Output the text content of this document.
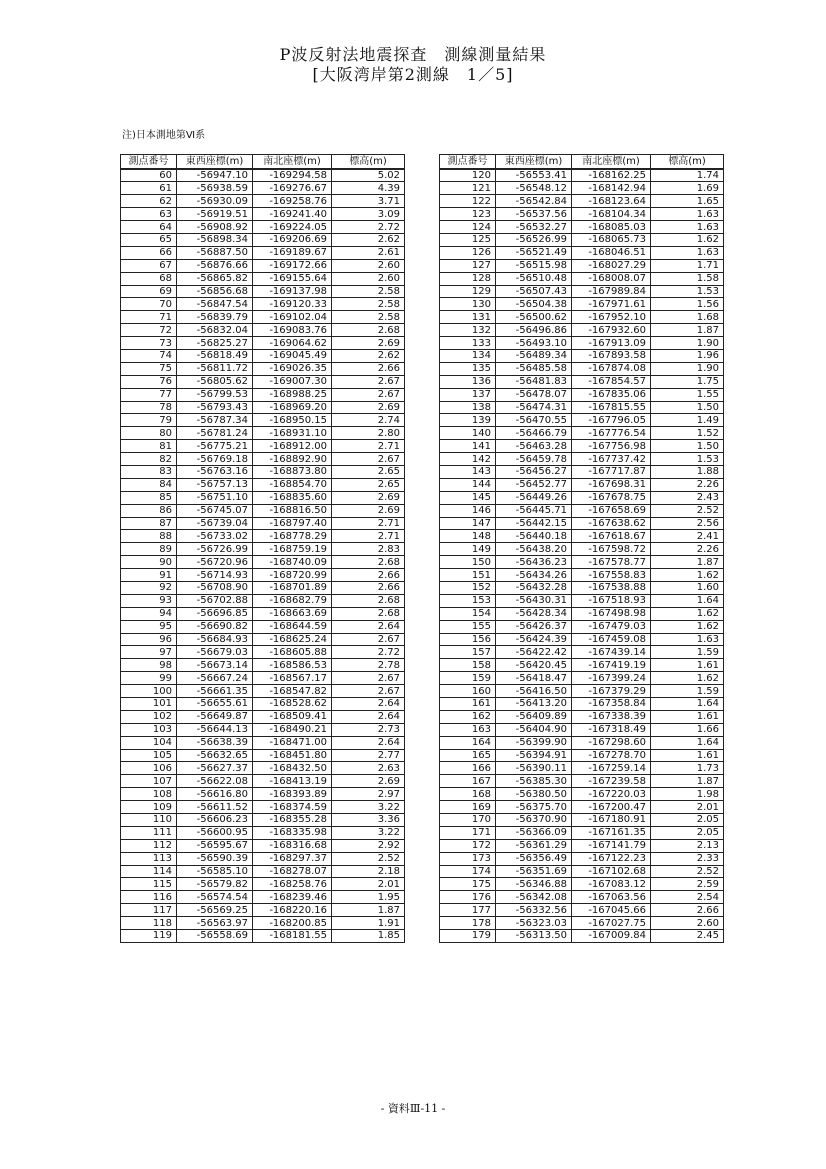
P波反射法地震探査　測線測量結果
[大阪湾岸第2測線　1／5]
注)日本測地第Ⅵ系
測点番号	東西座標(m)	南北座標(m)	標高(m)
60	-56947.10	-169294.58	5.02
61	-56938.59	-169276.67	4.39
62	-56930.09	-169258.76	3.71
63	-56919.51	-169241.40	3.09
64	-56908.92	-169224.05	2.72
65	-56898.34	-169206.69	2.62
66	-56887.50	-169189.67	2.61
67	-56876.66	-169172.66	2.60
68	-56865.82	-169155.64	2.60
69	-56856.68	-169137.98	2.58
70	-56847.54	-169120.33	2.58
71	-56839.79	-169102.04	2.58
72	-56832.04	-169083.76	2.68
73	-56825.27	-169064.62	2.69
74	-56818.49	-169045.49	2.62
75	-56811.72	-169026.35	2.66
76	-56805.62	-169007.30	2.67
77	-56799.53	-168988.25	2.67
78	-56793.43	-168969.20	2.69
79	-56787.34	-168950.15	2.74
80	-56781.24	-168931.10	2.80
81	-56775.21	-168912.00	2.71
82	-56769.18	-168892.90	2.67
83	-56763.16	-168873.80	2.65
84	-56757.13	-168854.70	2.65
85	-56751.10	-168835.60	2.69
86	-56745.07	-168816.50	2.69
87	-56739.04	-168797.40	2.71
88	-56733.02	-168778.29	2.71
89	-56726.99	-168759.19	2.83
90	-56720.96	-168740.09	2.68
91	-56714.93	-168720.99	2.66
92	-56708.90	-168701.89	2.66
93	-56702.88	-168682.79	2.68
94	-56696.85	-168663.69	2.68
95	-56690.82	-168644.59	2.64
96	-56684.93	-168625.24	2.67
97	-56679.03	-168605.88	2.72
98	-56673.14	-168586.53	2.78
99	-56667.24	-168567.17	2.67
100	-56661.35	-168547.82	2.67
101	-56655.61	-168528.62	2.64
102	-56649.87	-168509.41	2.64
103	-56644.13	-168490.21	2.73
104	-56638.39	-168471.00	2.64
105	-56632.65	-168451.80	2.77
106	-56627.37	-168432.50	2.63
107	-56622.08	-168413.19	2.69
108	-56616.80	-168393.89	2.97
109	-56611.52	-168374.59	3.22
110	-56606.23	-168355.28	3.36
111	-56600.95	-168335.98	3.22
112	-56595.67	-168316.68	2.92
113	-56590.39	-168297.37	2.52
114	-56585.10	-168278.07	2.18
115	-56579.82	-168258.76	2.01
116	-56574.54	-168239.46	1.95
117	-56569.25	-168220.16	1.87
118	-56563.97	-168200.85	1.91
119	-56558.69	-168181.55	1.85
測点番号	東西座標(m)	南北座標(m)	標高(m)
120	-56553.41	-168162.25	1.74
121	-56548.12	-168142.94	1.69
122	-56542.84	-168123.64	1.65
123	-56537.56	-168104.34	1.63
124	-56532.27	-168085.03	1.63
125	-56526.99	-168065.73	1.62
126	-56521.49	-168046.51	1.63
127	-56515.98	-168027.29	1.71
128	-56510.48	-168008.07	1.58
129	-56507.43	-167989.84	1.53
130	-56504.38	-167971.61	1.56
131	-56500.62	-167952.10	1.68
132	-56496.86	-167932.60	1.87
133	-56493.10	-167913.09	1.90
134	-56489.34	-167893.58	1.96
135	-56485.58	-167874.08	1.90
136	-56481.83	-167854.57	1.75
137	-56478.07	-167835.06	1.55
138	-56474.31	-167815.55	1.50
139	-56470.55	-167796.05	1.49
140	-56466.79	-167776.54	1.52
141	-56463.28	-167756.98	1.50
142	-56459.78	-167737.42	1.53
143	-56456.27	-167717.87	1.88
144	-56452.77	-167698.31	2.26
145	-56449.26	-167678.75	2.43
146	-56445.71	-167658.69	2.52
147	-56442.15	-167638.62	2.56
148	-56440.18	-167618.67	2.41
149	-56438.20	-167598.72	2.26
150	-56436.23	-167578.77	1.87
151	-56434.26	-167558.83	1.62
152	-56432.28	-167538.88	1.60
153	-56430.31	-167518.93	1.64
154	-56428.34	-167498.98	1.62
155	-56426.37	-167479.03	1.62
156	-56424.39	-167459.08	1.63
157	-56422.42	-167439.14	1.59
158	-56420.45	-167419.19	1.61
159	-56418.47	-167399.24	1.62
160	-56416.50	-167379.29	1.59
161	-56413.20	-167358.84	1.64
162	-56409.89	-167338.39	1.61
163	-56404.90	-167318.49	1.66
164	-56399.90	-167298.60	1.64
165	-56394.91	-167278.70	1.61
166	-56390.11	-167259.14	1.73
167	-56385.30	-167239.58	1.87
168	-56380.50	-167220.03	1.98
169	-56375.70	-167200.47	2.01
170	-56370.90	-167180.91	2.05
171	-56366.09	-167161.35	2.05
172	-56361.29	-167141.79	2.13
173	-56356.49	-167122.23	2.33
174	-56351.69	-167102.68	2.52
175	-56346.88	-167083.12	2.59
176	-56342.08	-167063.56	2.54
177	-56332.56	-167045.66	2.66
178	-56323.03	-167027.75	2.60
179	-56313.50	-167009.84	2.45
- 資料Ⅲ-11 -
